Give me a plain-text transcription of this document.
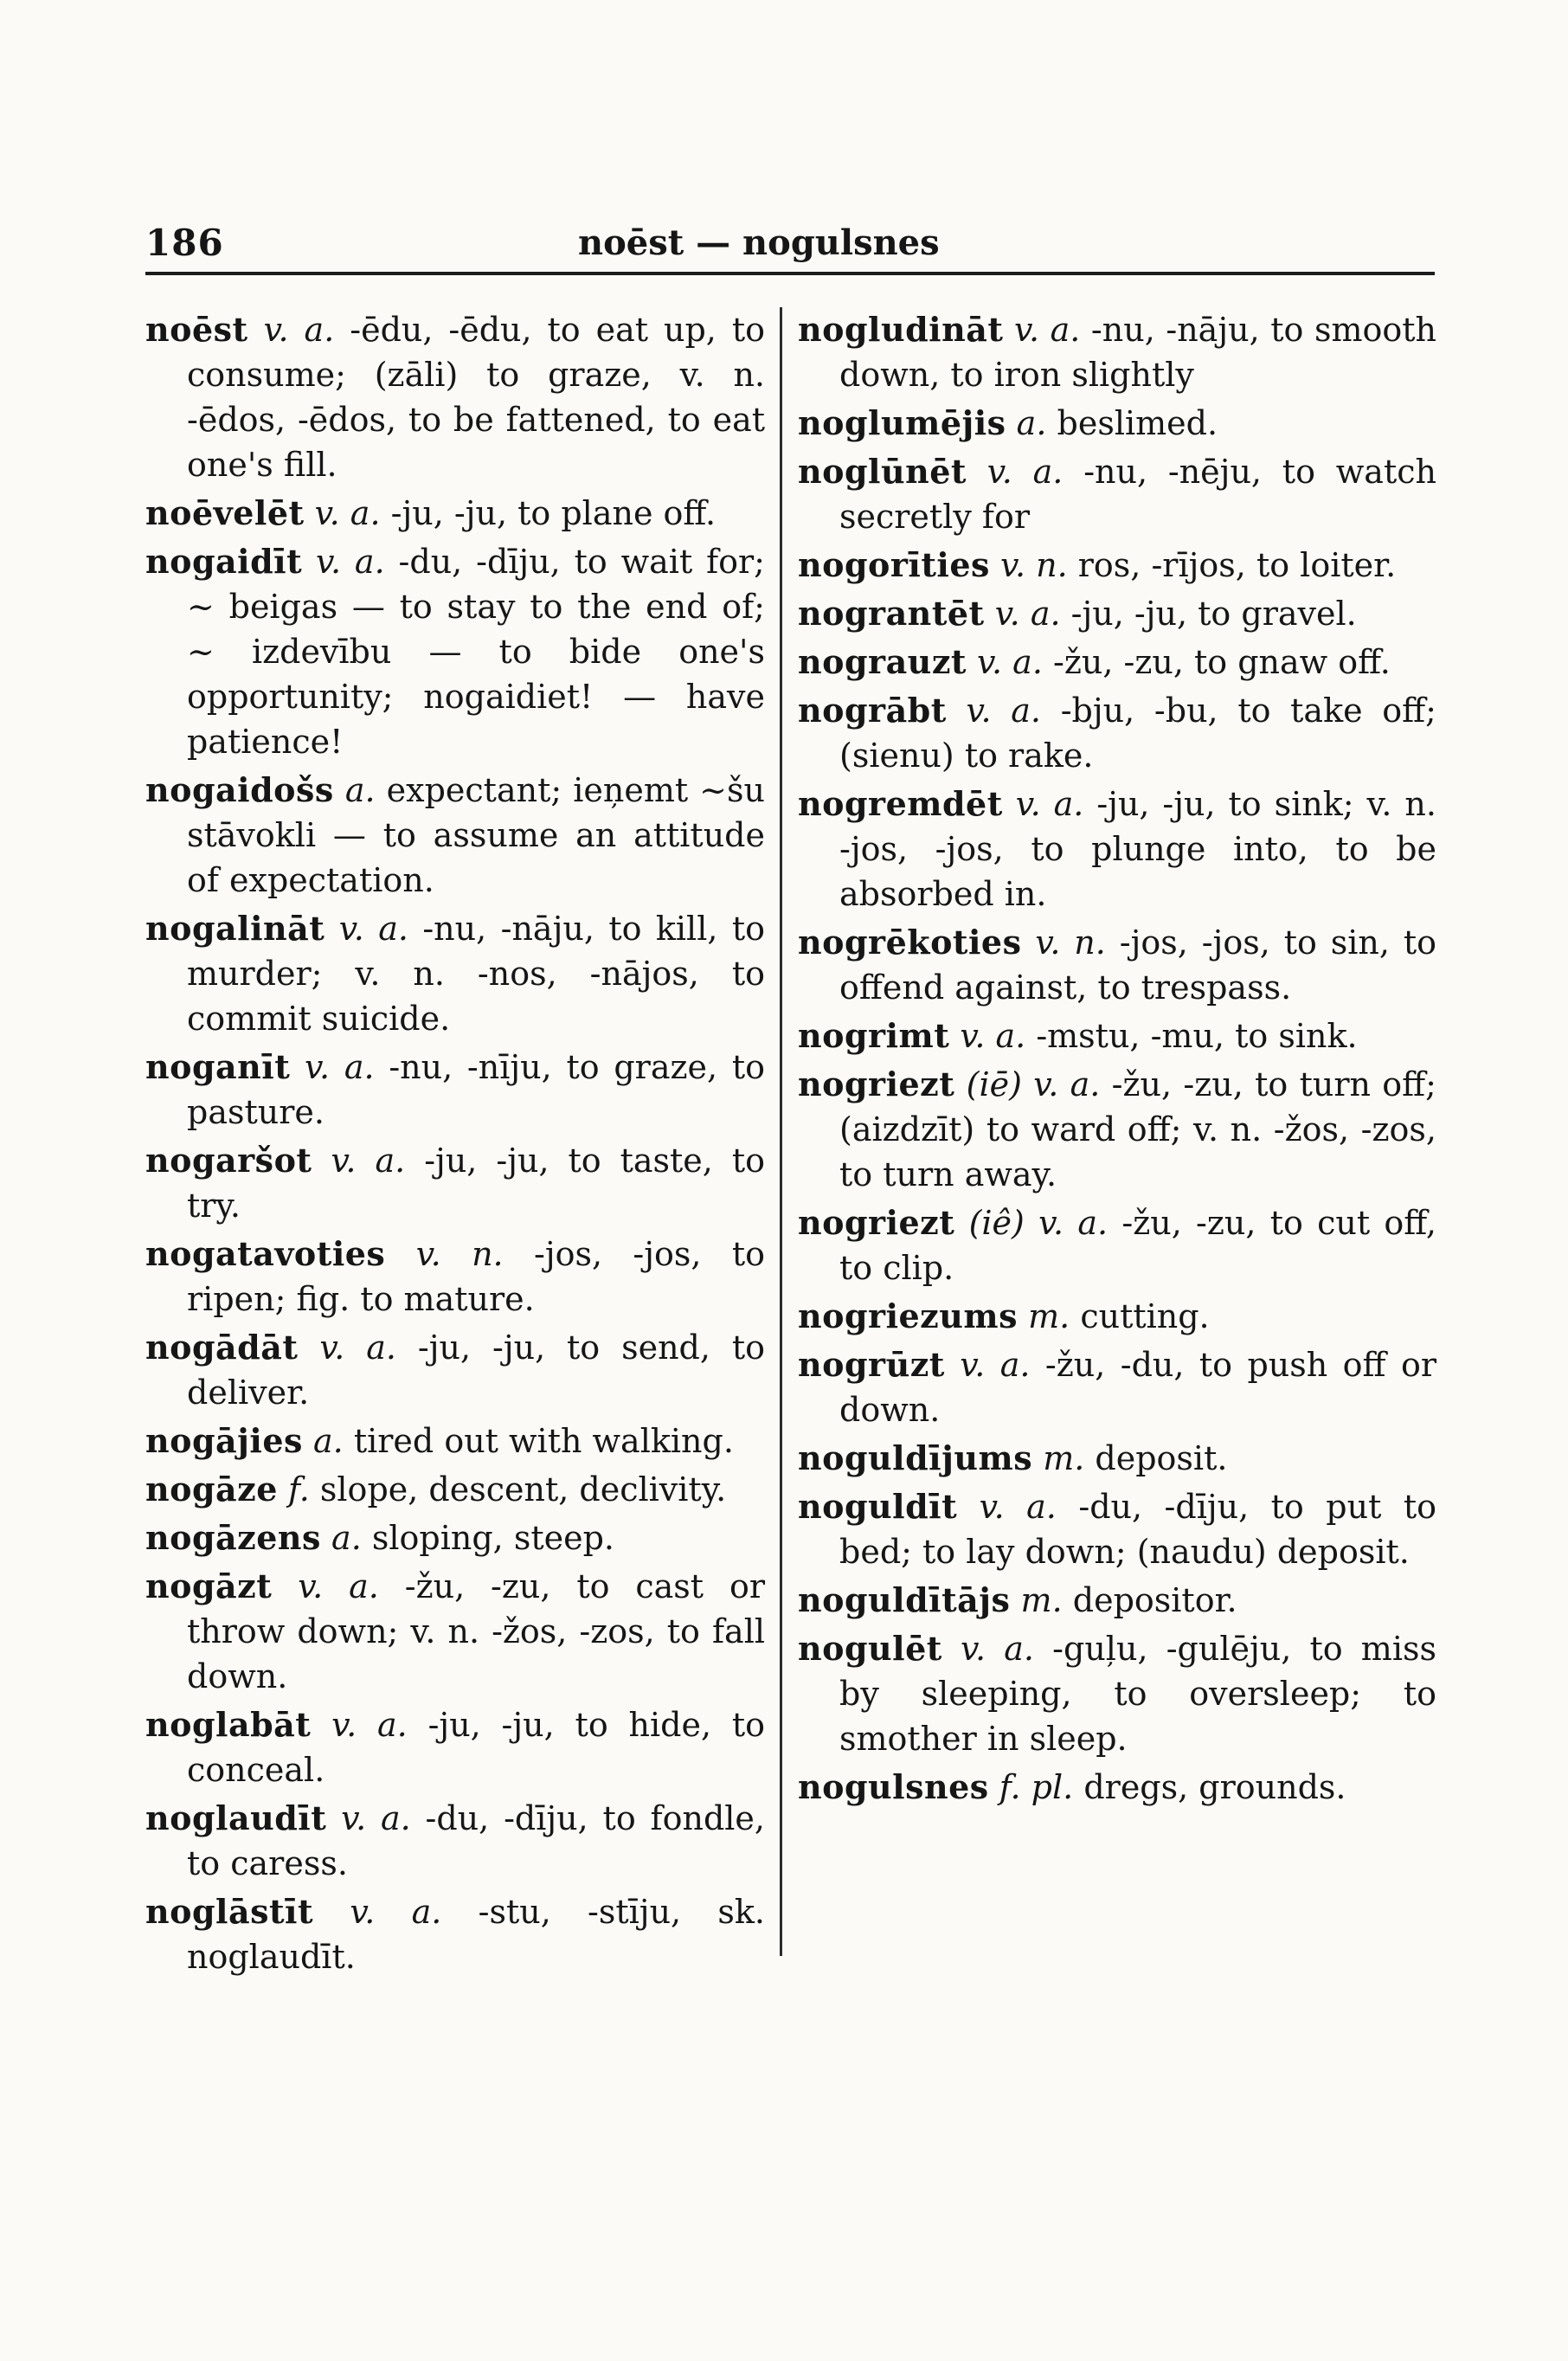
186	noēst — nogulsnes

noēst v. a. -ēdu, -ēdu, to eat up, to consume; (zāli) to graze, v. n. -ēdos, -ēdos, to be fattened, to eat one's fill.

noēvelēt v. a. -ju, -ju, to plane off.

nogaidīt v. a. -du, -dīju, to wait for; ~ beigas — to stay to the end of; ~ izdevību — to bide one's opportunity; nogaidiet! — have patience!

nogaidošs a. expectant; ieņemt ~šu stāvokli — to assume an attitude of expectation.

nogalināt v. a. -nu, -nāju, to kill, to murder; v. n. -nos, -nājos, to commit suicide.

noganīt v. a. -nu, -nīju, to graze, to pasture.

nogaršot v. a. -ju, -ju, to taste, to try.

nogatavoties v. n. -jos, -jos, to ripen; fig. to mature.

nogādāt v. a. -ju, -ju, to send, to deliver.

nogājies a. tired out with walking.

nogāze f. slope, descent, declivity.

nogāzens a. sloping, steep.

nogāzt v. a. -žu, -zu, to cast or throw down; v. n. -žos, -zos, to fall down.

noglabāt v. a. -ju, -ju, to hide, to conceal.

noglaudīt v. a. -du, -dīju, to fondle, to caress.

noglāstīt v. a. -stu, -stīju, sk. noglaudīt.

nogludināt v. a. -nu, -nāju, to smooth down, to iron slightly

noglumējis a. beslimed.

noglūnēt v. a. -nu, -nēju, to watch secretly for

nogorīties v. n. ros, -rījos, to loiter.

nograntēt v. a. -ju, -ju, to gravel.

nograuzt v. a. -žu, -zu, to gnaw off.

nogrābt v. a. -bju, -bu, to take off; (sienu) to rake.

nogremdēt v. a. -ju, -ju, to sink; v. n. -jos, -jos, to plunge into, to be absorbed in.

nogrēkoties v. n. -jos, -jos, to sin, to offend against, to trespass.

nogrimt v. a. -mstu, -mu, to sink.

nogriezt (iē) v. a. -žu, -zu, to turn off; (aizdzīt) to ward off; v. n. -žos, -zos, to turn away.

nogriezt (iê) v. a. -žu, -zu, to cut off, to clip.

nogriezums m. cutting.

nogrūzt v. a. -žu, -du, to push off or down.

noguldījums m. deposit.

noguldīt v. a. -du, -dīju, to put to bed; to lay down; (naudu) deposit.

noguldītājs m. depositor.

nogulēt v. a. -guļu, -gulēju, to miss by sleeping, to oversleep; to smother in sleep.

nogulsnes f. pl. dregs, grounds.
